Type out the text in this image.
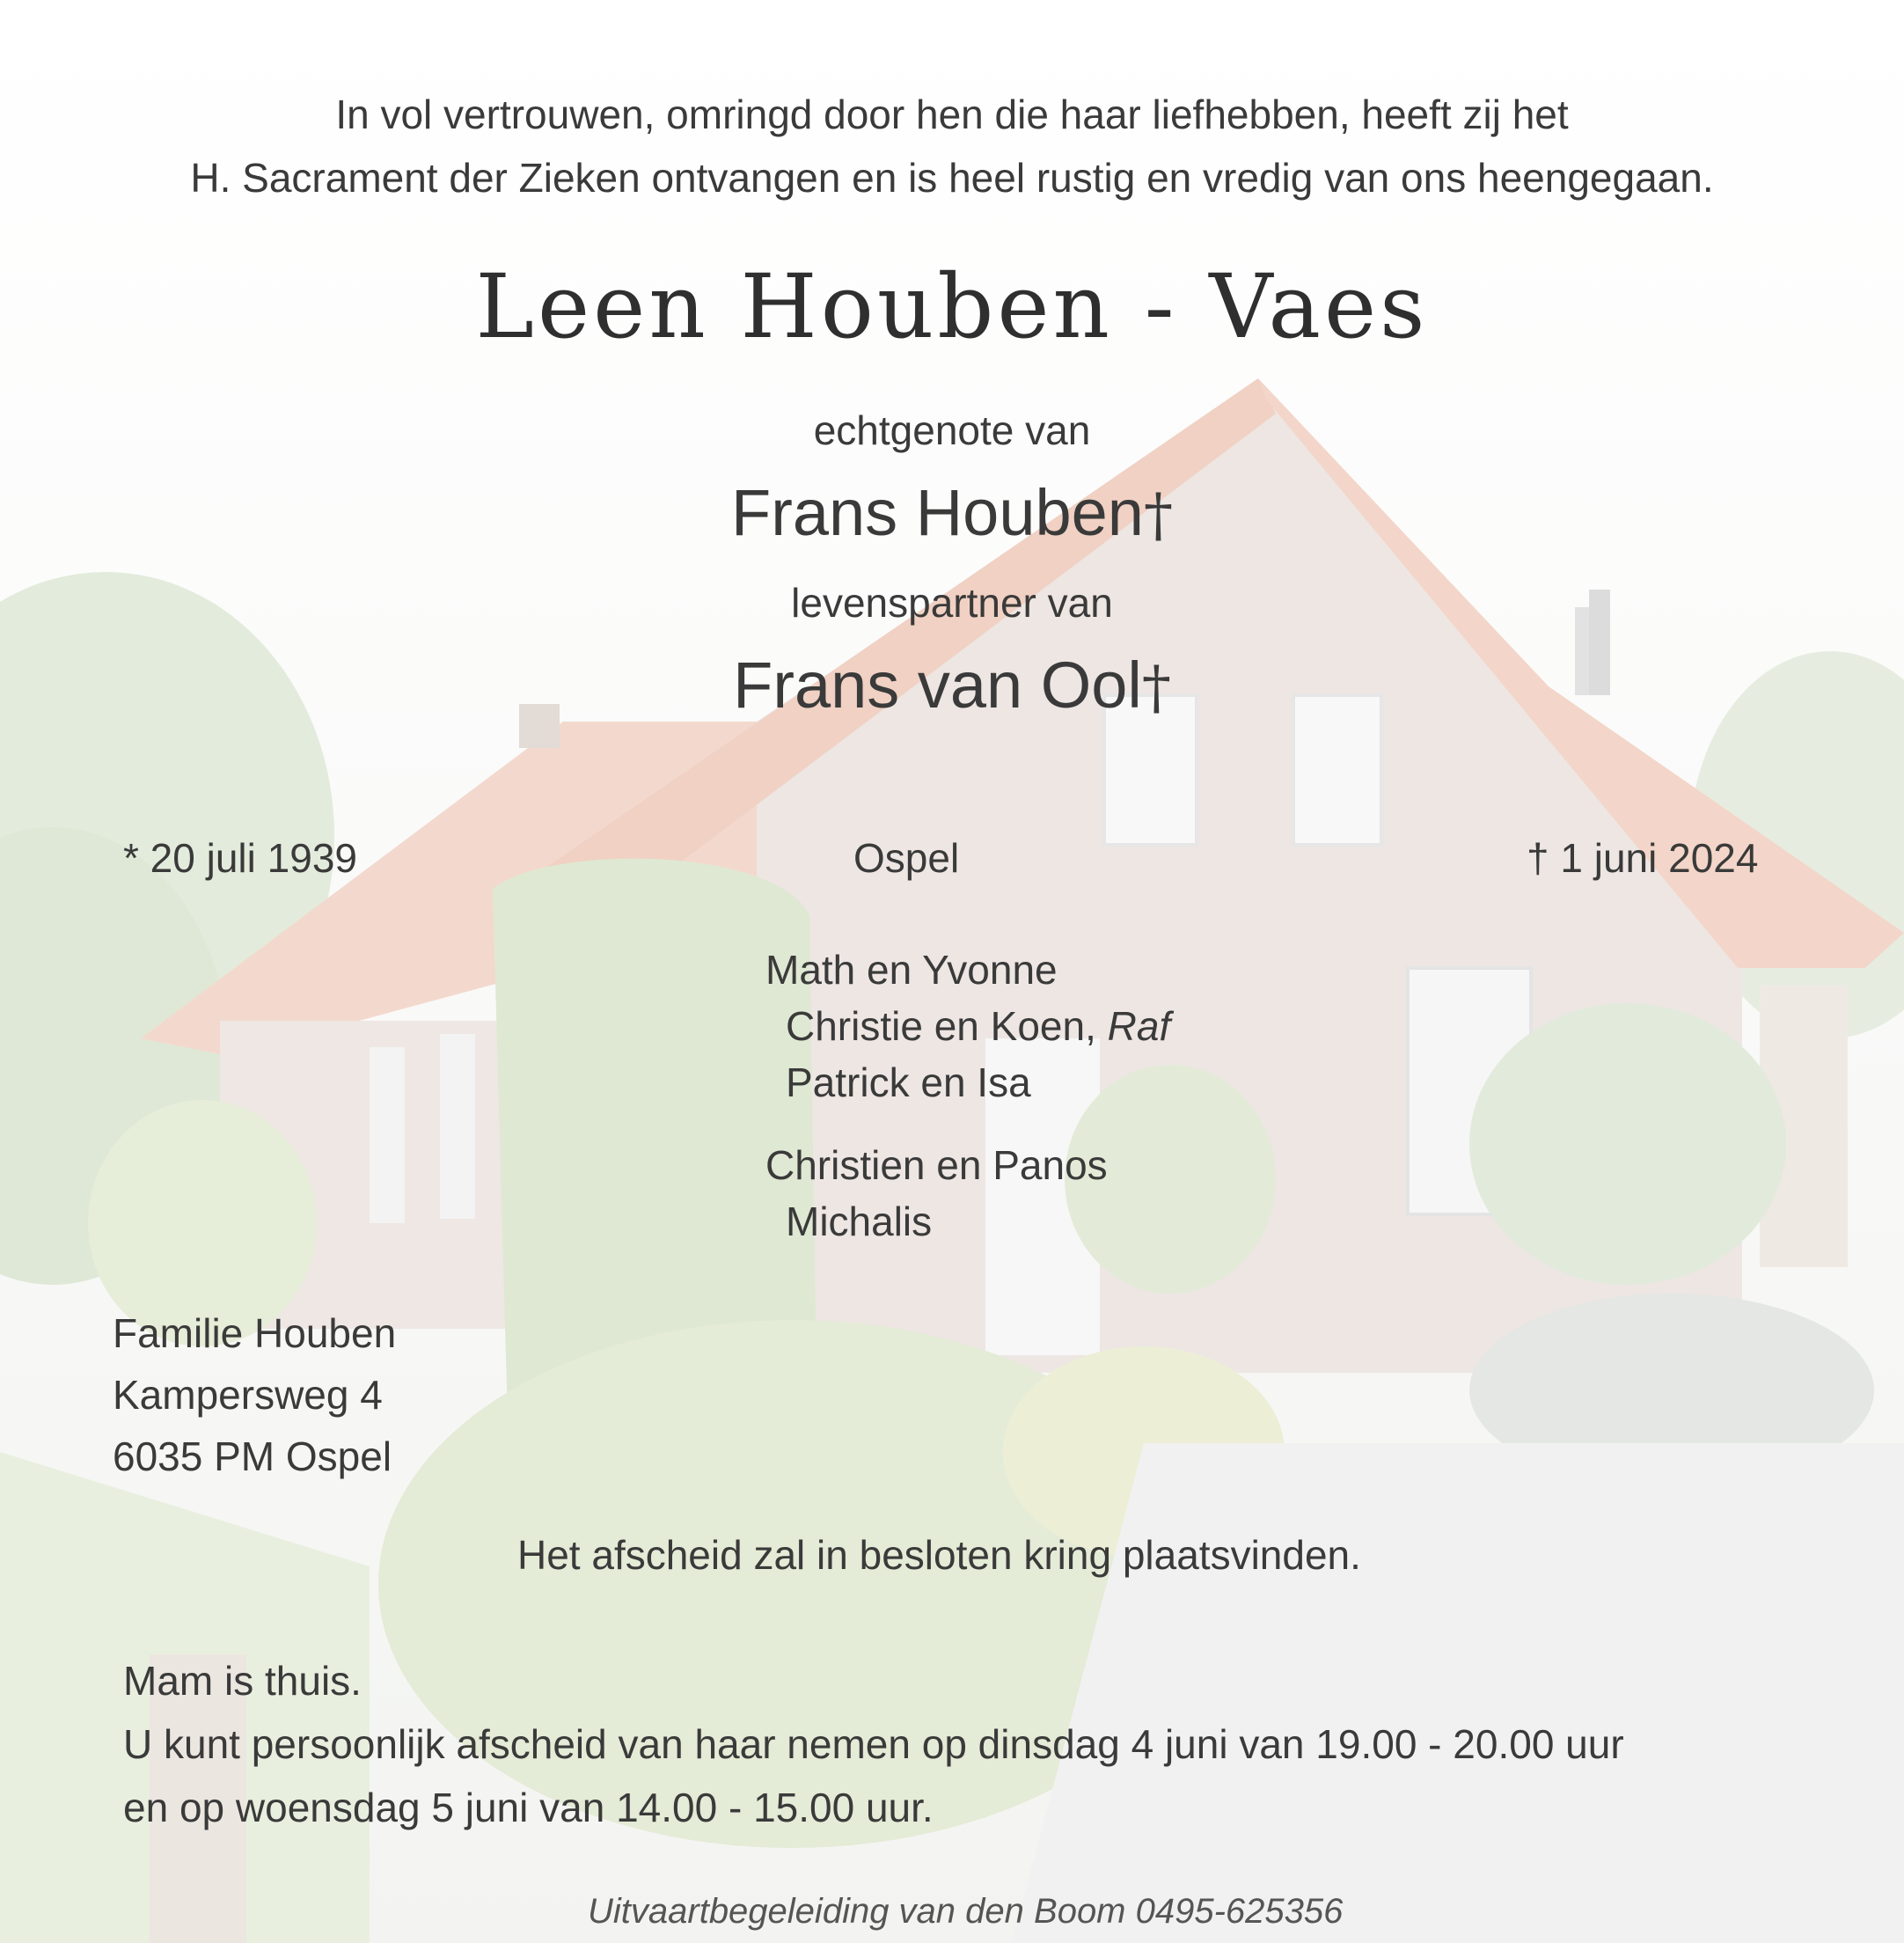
In vol vertrouwen, omringd door hen die haar liefhebben, heeft zij het
H. Sacrament der Zieken ontvangen en is heel rustig en vredig van ons heengegaan.
Leen Houben - Vaes
echtgenote van
Frans Houben†
levenspartner van
Frans van Ool†
* 20 juli 1939	Ospel	† 1 juni 2024
Math en Yvonne
Christie en Koen, Raf
Patrick en Isa
Christien en Panos
Michalis
Familie Houben
Kampersweg 4
6035 PM Ospel
Het afscheid zal in besloten kring plaatsvinden.
Mam is thuis.
U kunt persoonlijk afscheid van haar nemen op dinsdag 4 juni van 19.00 - 20.00 uur
en op woensdag 5 juni van 14.00 - 15.00 uur.
Uitvaartbegeleiding van den Boom 0495-625356
